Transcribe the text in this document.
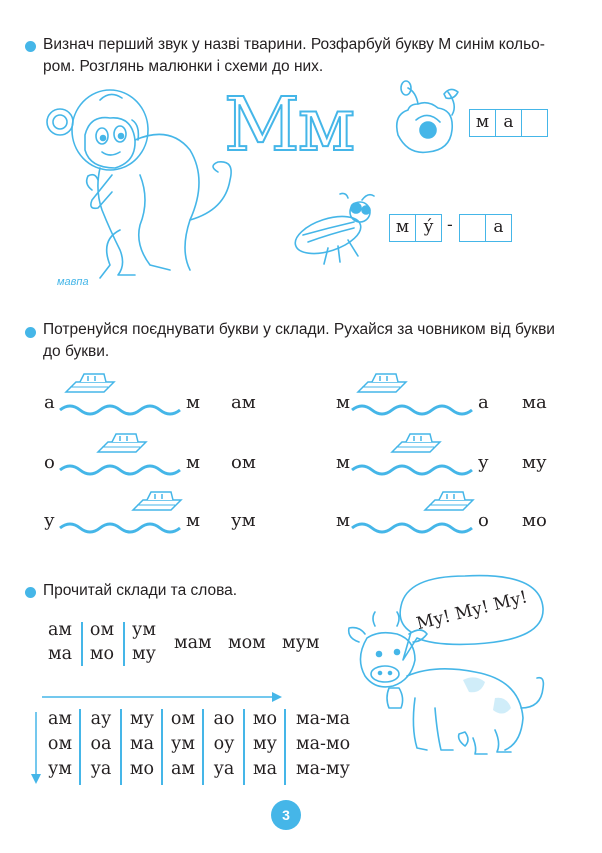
Визнач перший звук у назві тварини. Розфарбуй букву М синім кольо-
ром. Розглянь малюнки і схеми до них.
мавпа
Мм	м а
м ý -	а
Потренуйся поєднувати букви у склади. Рухайся за човником від букви
до букви.
а	м ам
о	м ом
у	м ум
м	а ма
м	у му
м	о мо
Прочитай склади та слова.
ам	ом	ум
ма	мо	му
мам мом мум
Му! Му! Му!
ам	ау	му ом	ао	мо	ма-ма
ом	оа	ма ум	оу	му	ма-мо
ум	уа	мо ам	уа	ма	ма-му
3
